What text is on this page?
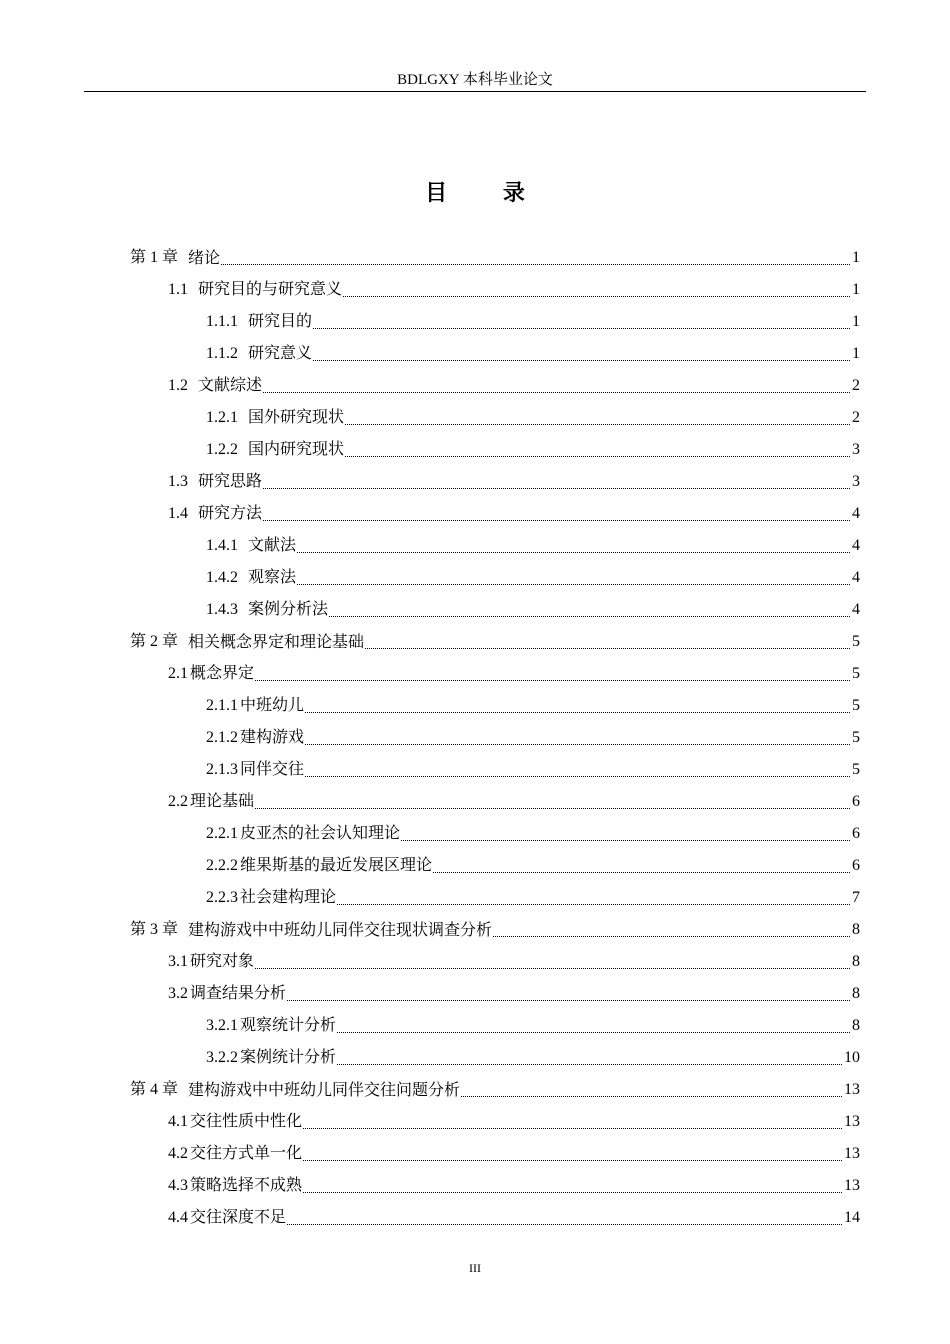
BDLGXY 本科毕业论文
目 录
第 1 章 绪论	1
1.1 研究目的与研究意义	1
1.1.1 研究目的	1
1.1.2 研究意义	1
1.2 文献综述	2
1.2.1 国外研究现状	2
1.2.2 国内研究现状	3
1.3 研究思路	3
1.4 研究方法	4
1.4.1 文献法	4
1.4.2 观察法	4
1.4.3 案例分析法	4
第 2 章 相关概念界定和理论基础	5
2.1 概念界定	5
2.1.1 中班幼儿	5
2.1.2 建构游戏	5
2.1.3 同伴交往	5
2.2 理论基础	6
2.2.1 皮亚杰的社会认知理论	6
2.2.2 维果斯基的最近发展区理论	6
2.2.3 社会建构理论	7
第 3 章 建构游戏中中班幼儿同伴交往现状调查分析	8
3.1 研究对象	8
3.2 调查结果分析	8
3.2.1 观察统计分析	8
3.2.2 案例统计分析	10
第 4 章 建构游戏中中班幼儿同伴交往问题分析	13
4.1 交往性质中性化	13
4.2 交往方式单一化	13
4.3 策略选择不成熟	13
4.4 交往深度不足	14
III
